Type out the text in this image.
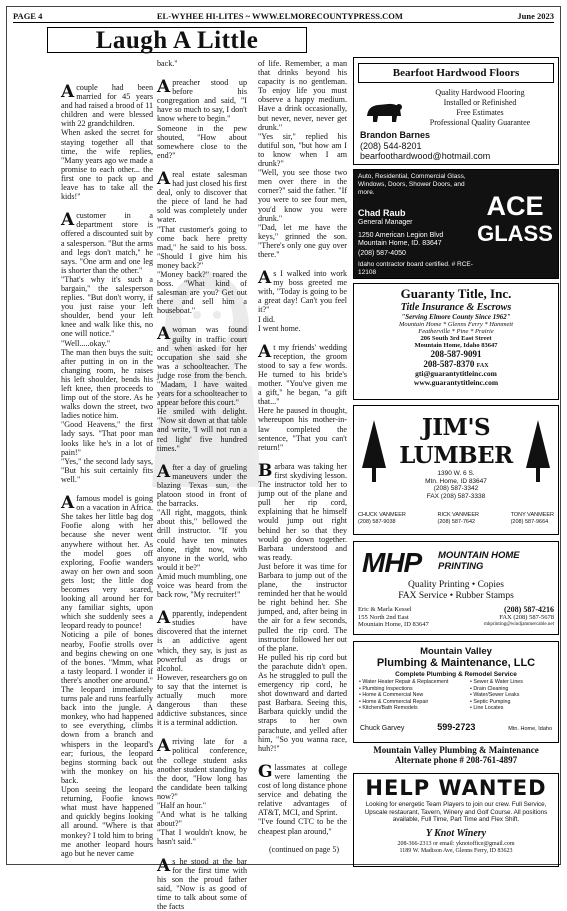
PAGE 4	EL-WYHEE HI-LITES ~ WWW.ELMORECOUNTYPRESS.COM	June 2023
Laugh A Little

A couple had been married for 45 years and had raised a brood of 11 children and were blessed with 22 grandchildren.

When asked the secret for staying together all that time, the wife replies, "Many years ago we made a promise to each other... the first one to pack up and leave has to take all the kids!"

A customer in a department store is offered a discounted suit by a salesperson. "But the arms and legs don't match," he says. "One arm and one leg is shorter than the other."

"That's why it's such a bargain," the salesperson replies. "But don't worry, if you just raise your left shoulder, bend your left knee and walk like this, no one will notice."

"Well.....okay."

The man then buys the suit; after putting in on in the changing room, he raises his left shoulder, bends his left knee, then proceeds to limp out of the store. As he walks down the street, two ladies notice him.

"Good Heavens," the first lady says. "That poor man looks like he's in a lot of pain!"

"Yes," the second lady says, "But his suit certainly fits well."

A famous model is going on a vacation in Africa. She takes her little bag dog Foofie along with her because she never went anywhere without her. As the model goes off exploring, Foofie wanders away on her own and soon gets lost; the little dog becomes very scared, looking all around her for any familiar sights, upon which she suddenly sees a leopard ready to pounce!

Noticing a pile of bones nearby, Foofie strolls over and begins chewing on one of the bones. "Mmm, what a tasty leopard. I wonder if there's another one around." The leopard immediately turns pale and runs fearfully back into the jungle. A monkey, who had happened to see everything, climbs down from a branch and whispers in the leopard's ear; furious, the leopard begins storming back out with the monkey on his back.

Upon seeing the leopard returning, Foofie knows what must have happened and quickly begins looking all around. "Where is that monkey? I told him to bring me another leopard hours ago but he never came

back."

A preacher stood up before his congregation and said, "I have so much to say, I don't know where to begin."

Someone in the pew shouted, "How about somewhere close to the end?"

A real estate salesman had just closed his first deal, only to discover that the piece of land he had sold was completely under water.

"That customer's going to come back here pretty mad," he said to his boss. "Should I give him his money back?"

"Money back?" roared the boss. "What kind of salesman are you? Get out there and sell him a houseboat."

A woman was found guilty in traffic court and when asked for her occupation she said she was a schoolteacher. The judge rose from the bench. "Madam, I have waited years for a schoolteacher to appear before this court."

He smiled with delight. "Now sit down at that table and write, 'I will not run a red light' five hundred times."

After a day of grueling maneuvers under the blazing Texas sun, the platoon stood in front of the barracks.

"All right, maggots, think about this," bellowed the drill instructor. "If you could have ten minutes alone, right now, with anyone in the world, who would it be?"

Amid much mumbling, one voice was heard from the back row, "My recruiter!"

Apparently, independent studies have discovered that the internet is an addictive agent which, they say, is just as powerful as drugs or alcohol.

However, researchers go on to say that the internet is actually much more dangerous than these addictive substances, since it is a terminal addiction.

Arriving late for a political conference, the college student asks another student standing by the door, "How long has the candidate been talking now?"

"Half an hour."

"And what is he talking about?"

"That I wouldn't know, he hasn't said."

As he stood at the bar for the first time with his son the proud father said, "Now is as good of time to talk about some of the facts

of life. Remember, a man that drinks beyond his capacity is no gentleman. To enjoy life you must observe a happy medium. Have a drink occasionally, but never, never, never get drunk."

"Yes sir," replied his dutiful son, "but how am I to know when I am drunk?"

"Well, you see those two men over there in the corner?" said the father. "If you were to see four men, you'd know you were drunk."

"Dad, let me have the keys," grinned the son. "There's only one guy over there."

As I walked into work my boss greeted me with, "Today is going to be a great day! Can't you feel it?"

I did.

I went home.

At my friends' wedding reception, the groom stood to say a few words. He turned to his bride's mother. "You've given me a gift," he began, "a gift that..."

Here he paused in thought, whereupon his mother-in-law completed the sentence, "That you can't return!"

Barbara was taking her first skydiving lesson. The instructor told her to jump out of the plane and pull her rip cord, explaining that he himself would jump out right behind her so that they would go down together. Barbara understood and was ready.

Just before it was time for Barbara to jump out of the plane, the instructor reminded her that he would be right behind her. She jumped, and, after being in the air for a few seconds, pulled the rip cord. The instructor followed her out of the plane.

He pulled his rip cord but the parachute didn't open. As he struggled to pull the emergency rip cord, he shot downward and darted past Barbara. Seeing this, Barbara quickly undid the straps to her own parachute, and yelled after him, "So you wanna race, huh?!"

Glassmates at college were lamenting the cost of long distance phone service and debating the relative advantages of AT&T, MCI, and Sprint.

"I've found CTC to be the cheapest plan around,"

(continued on page 5)
Bearfoot Hardwood Floors
Quality Hardwood Flooring
Installed or Refinished
Free Estimates
Professional Quality Guarantee
Brandon Barnes
(208) 544-8201
bearfoothardwood@hotmail.com
Auto, Residential, Commercial Glass, Windows, Doors, Shower Doors, and more.
Chad Raub
General Manager
1250 American Legion Blvd Mountain Home, ID. 83647
(208) 587-4050
Idaho contractor board certified. # RCE-12108
ACE
GLASS
Guaranty Title, Inc.
Title Insurance & Escrows
"Serving Elmore County Since 1962"
Mountain Home * Glenns Ferry * Hammett
Featherville * Pine * Prairie
206 South 3rd East Street
Mountain Home, Idaho 83647
208-587-9091
208-587-8370 FAX
gti@guarantytitleinc.com
www.guarantytitleinc.com
JIM'S LUMBER
1390 W. 6 S.
Mtn. Home, ID 83647
(208) 587-3342
FAX (208) 587-3338
CHUCK VANMEER
(208) 587-9038
RICK VANMEER
(208) 587-7642
TONY VANMEER
(208) 587-9664
MHP MOUNTAIN HOME
PRINTING
Quality Printing • Copies
FAX Service • Rubber Stamps
Eric & Marla Kessel
155 North 2nd East
Mountain Home, ID 83647
(208) 587-4216
FAX (208) 587-5678
mhprinting@windjammercable.net
Mountain Valley
Plumbing & Maintenance, LLC
Complete Plumbing & Remodel Service
• Water Heater Repair & Replacement
• Plumbing Inspections
• Home & Commercial New
• Home & Commercial Repair
• Kitchen/Bath Remodels
• Sewer & Water Lines
• Drain Cleaning
• Water/Sewer Leaks
• Septic Pumping
• Line Locates
Chuck Garvey	599-2723	Mtn. Home, Idaho
Mountain Valley Plumbing & Maintenance
Alternate phone # 208-761-4897
HELP WANTED
Looking for energetic Team Players to join our crew. Full Service, Upscale restaurant, Tavern, Winery and Golf Course. All positions available, Full Time, Part Time and Flex Shift.
Y Knot Winery
208-366-2313 or email: yknotoffice@gmail.com
1189 W. Madison Ave, Glenns Ferry, ID 83623
